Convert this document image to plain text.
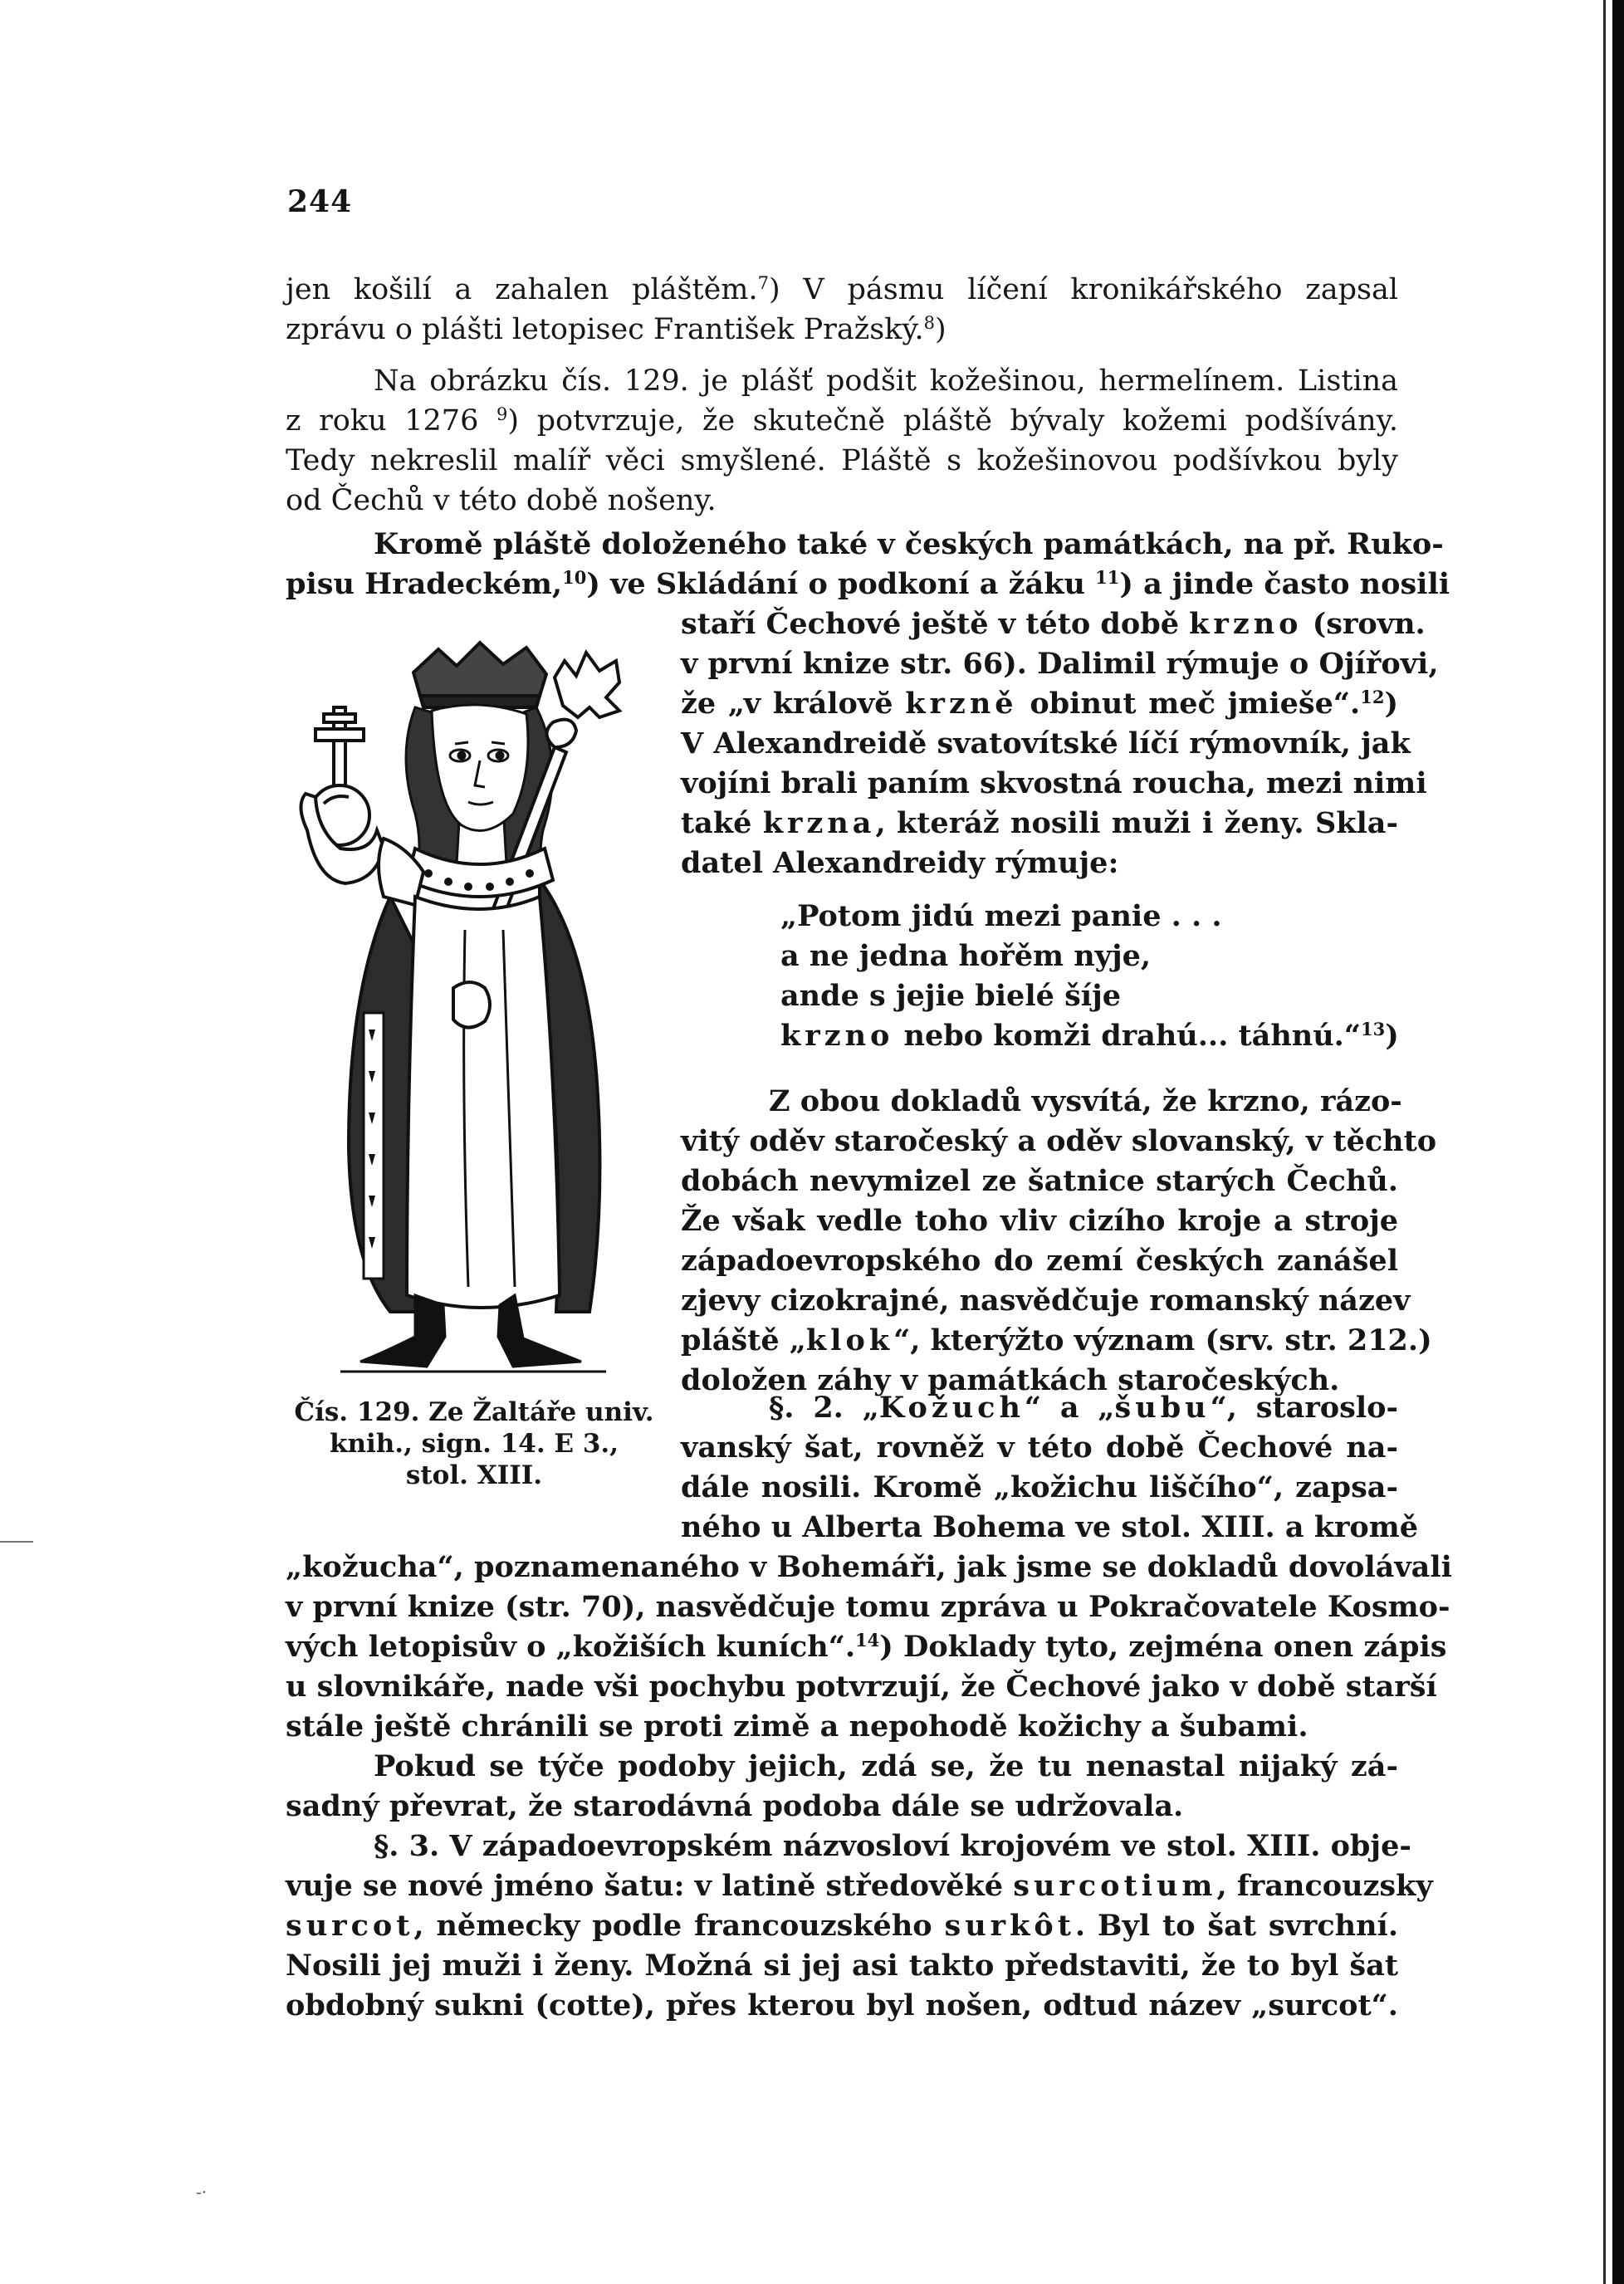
244
jen košilí a zahalen pláštěm.$^7$) V pásmu líčení kronikářského zapsal
zprávu o plášti letopisec František Pražský.$^8$)
Na obrázku čís. 129. je plášť podšit kožešinou, hermelínem. Listina
z roku 1276 $^9$) potvrzuje, že skutečně pláště bývaly kožemi podšívány.
Tedy nekreslil malíř věci smyšlené. Pláště s kožešinovou podšívkou byly
od Čechů v této době nošeny.
Kromě pláště doloženého také v českých památkách, na př. Ruko-
pisu Hradeckém,$^{10}$) ve Skládání o podkoní a žáku $^{11}$) a jinde často nosili
staří Čechové ještě v této době krzno (srovn.
v první knize str. 66). Dalimil rýmuje o Ojířovi,
že „v královĕ krzně obinut meč jmieše“.$^{12}$)
V Alexandreidě svatovítské líčí rýmovník, jak
vojíni brali paním skvostná roucha, mezi nimi
také krzna, kteráž nosili muži i ženy. Skla-
datel Alexandreidy rýmuje:
„Potom jidú mezi panie . . .
a ne jedna hořěm nyje,
ande s jejie bielé šíje
krzno nebo komži drahú... táhnú.“$^{13}$)
Z obou dokladů vysvítá, že krzno, rázo-
vitý oděv staročeský a oděv slovanský, v těchto
dobách nevymizel ze šatnice starých Čechů.
Že však vedle toho vliv cizího kroje a stroje
západoevropského do zemí českých zanášel
zjevy cizokrajné, nasvědčuje romanský název
pláště „klok“, kterýžto význam (srv. str. 212.)
doložen záhy v památkách staročeských.
§. 2. „Kožuch“ a „šubu“, staroslo-
vanský šat, rovněž v této době Čechové na-
dále nosili. Kromě „kožichu liščího“, zapsa-
ného u Alberta Bohema ve stol. XIII. a kromě
„kožucha“, poznamenaného v Bohemáři, jak jsme se dokladů dovolávali
v první knize (str. 70), nasvědčuje tomu zpráva u Pokračovatele Kosmo-
vých letopisův o „kožiších kuních“.$^{14}$) Doklady tyto, zejména onen zápis
u slovnikáře, nade vši pochybu potvrzují, že Čechové jako v době starší
stále ještě chránili se proti zimě a nepohodě kožichy a šubami.
Pokud se týče podoby jejich, zdá se, že tu nenastal nijaký zá-
sadný převrat, že starodávná podoba dále se udržovala.
§. 3. V západoevropském názvosloví krojovém ve stol. XIII. obje-
vuje se nové jméno šatu: v latině středověké surcotium, francouzsky
surcot, německy podle francouzského surkôt. Byl to šat svrchní.
Nosili jej muži i ženy. Možná si jej asi takto představiti, že to byl šat
obdobný sukni (cotte), přes kterou byl nošen, odtud název „surcot“.
Čís. 129. Ze Žaltáře univ.
knih., sign. 14. E 3.,
stol. XIII.
-·
